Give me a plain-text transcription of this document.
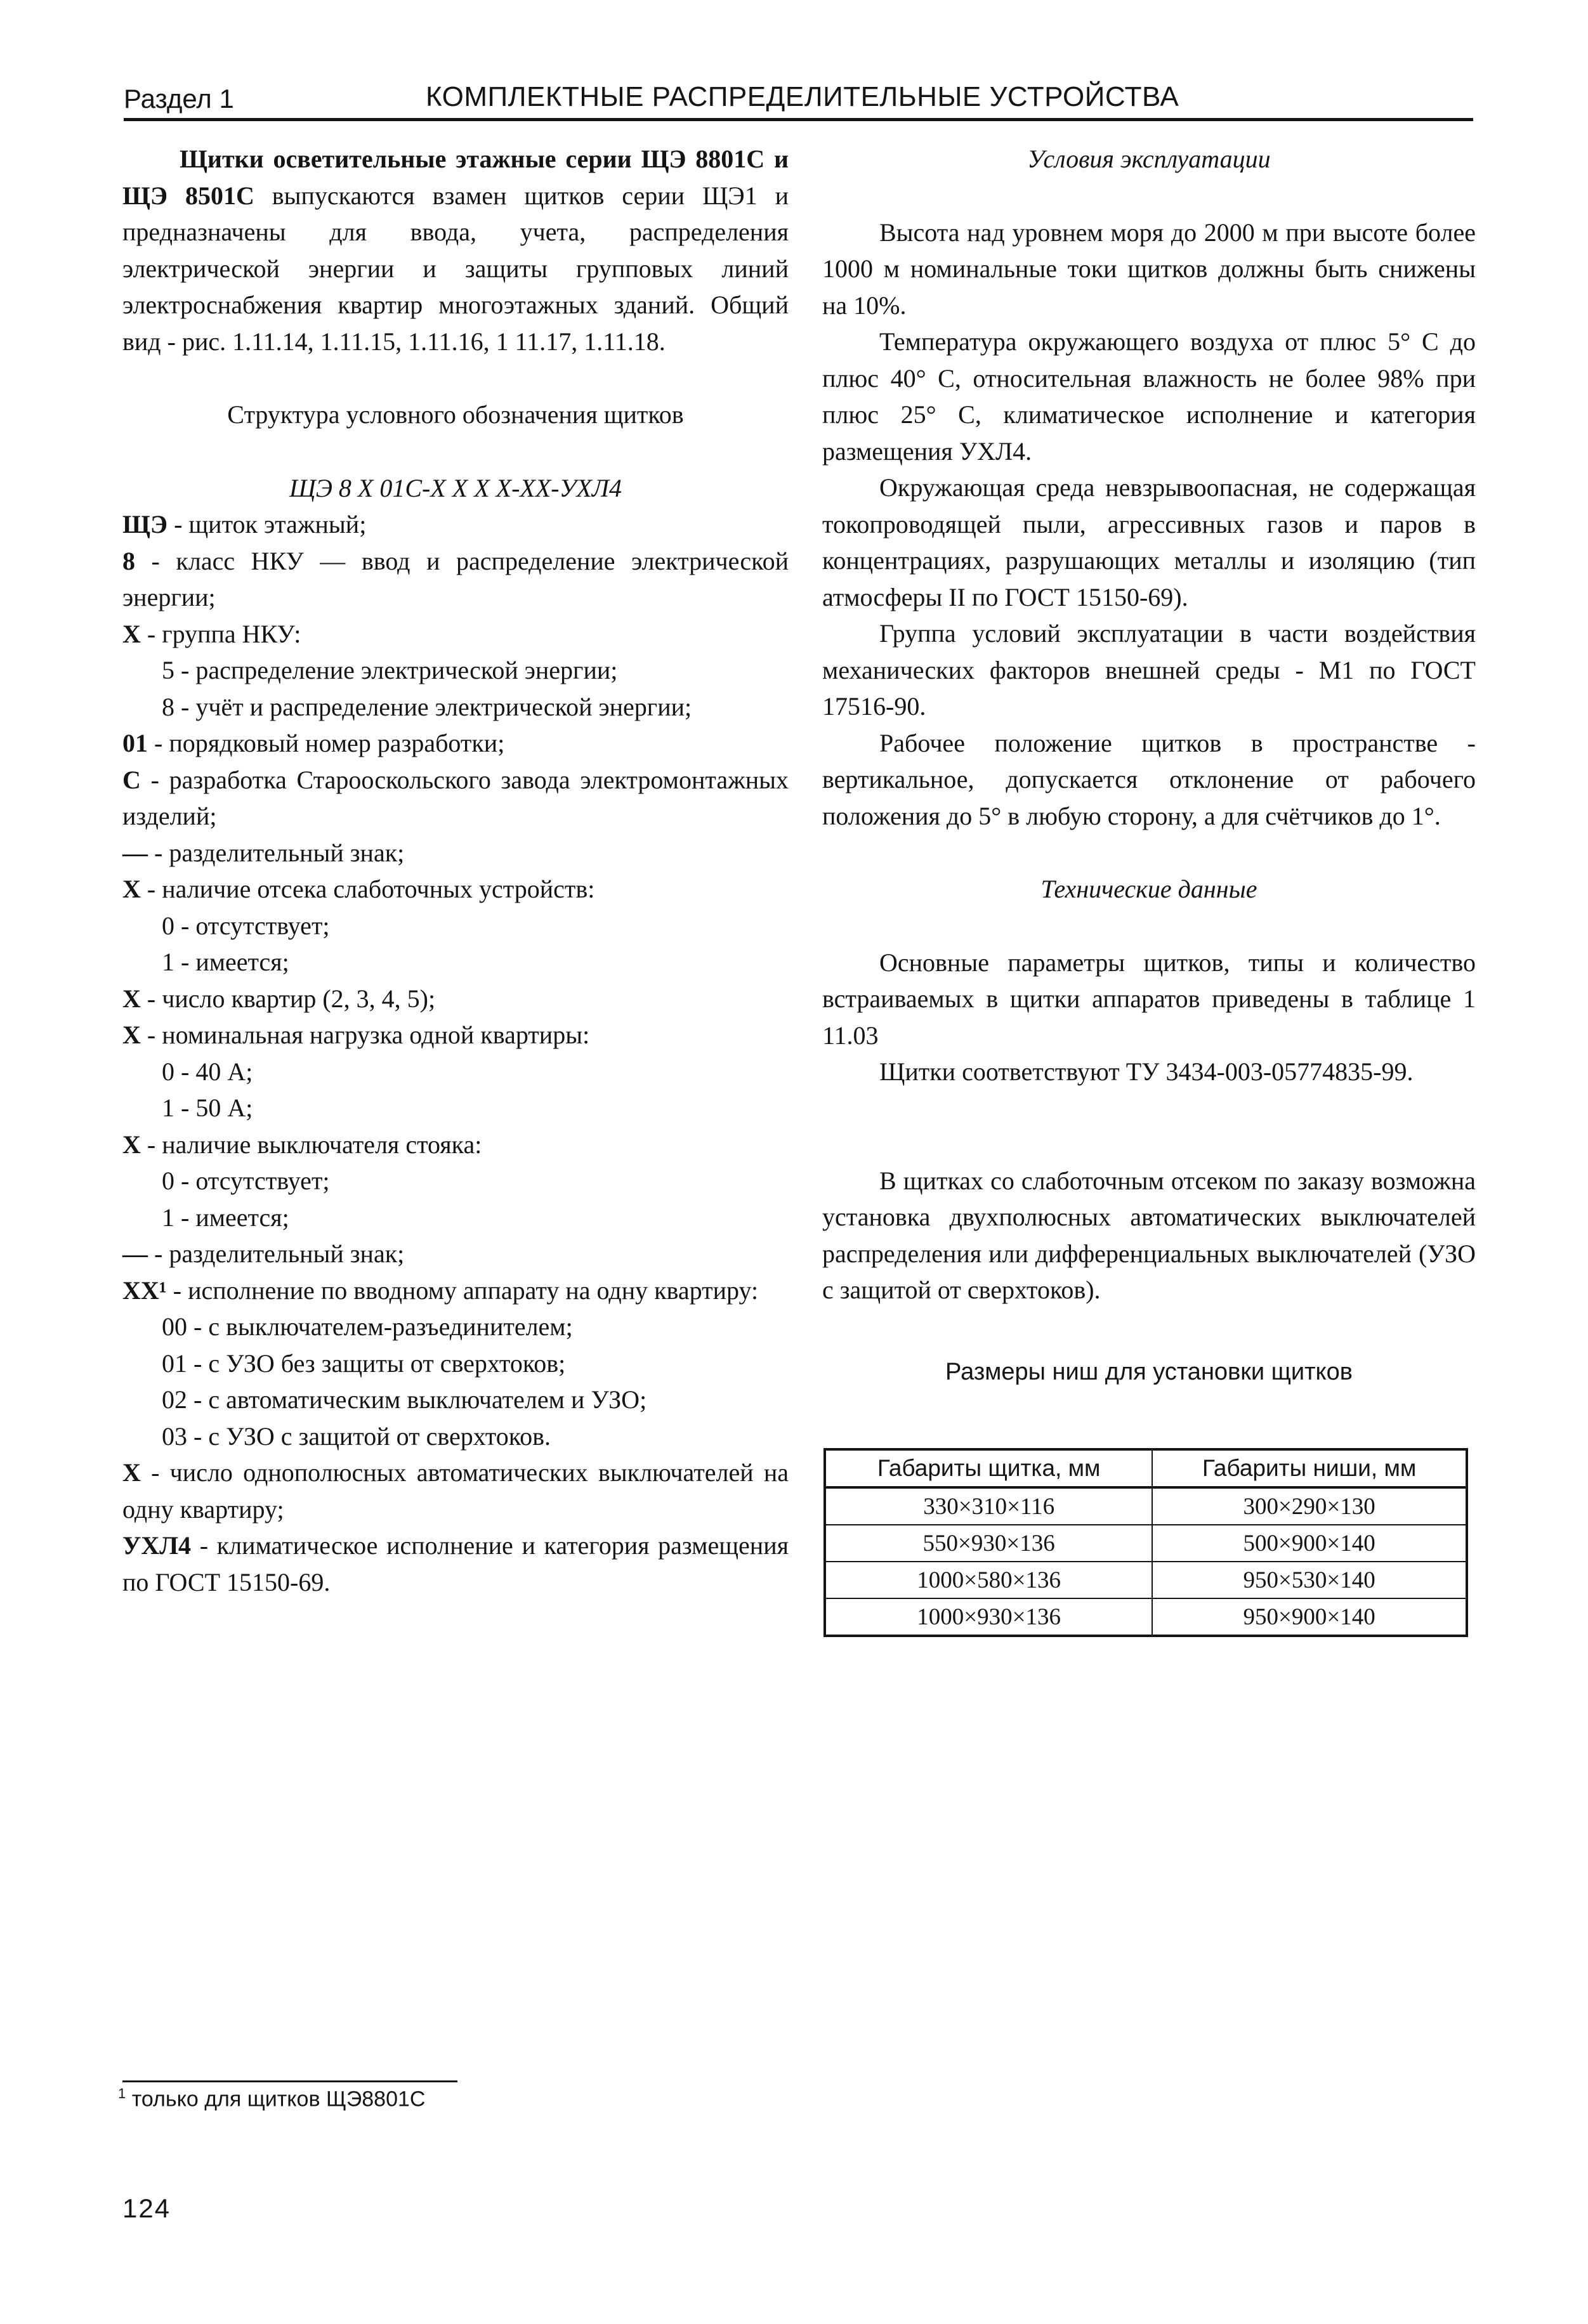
Раздел 1	КОМПЛЕКТНЫЕ РАСПРЕДЕЛИТЕЛЬНЫЕ УСТРОЙСТВА

Щитки осветительные этажные серии ЩЭ 8801С и ЩЭ 8501С выпускаются взамен щитков серии ЩЭ1 и предназначены для ввода, учета, распределения электрической энергии и защиты групповых линий электроснабжения квартир многоэтажных зданий. Общий вид - рис. 1.11.14, 1.11.15, 1.11.16, 1 11.17, 1.11.18.

Структура условного обозначения щитков

ЩЭ 8 X 01С-X X X X-XX-УХЛ4

ЩЭ - щиток этажный;

8 - класс НКУ — ввод и распределение электрической энергии;

X - группа НКУ:

5 - распределение электрической энергии;

8 - учёт и распределение электрической энергии;

01 - порядковый номер разработки;

С - разработка Старооскольского завода электромонтажных изделий;

— - разделительный знак;

X - наличие отсека слаботочных устройств:

0 - отсутствует;

1 - имеется;

X - число квартир (2, 3, 4, 5);

X - номинальная нагрузка одной квартиры:

0 - 40 А;

1 - 50 А;

X - наличие выключателя стояка:

0 - отсутствует;

1 - имеется;

— - разделительный знак;

XX¹ - исполнение по вводному аппарату на одну квартиру:

00 - с выключателем-разъединителем;

01 - с УЗО без защиты от сверхтоков;

02 - с автоматическим выключателем и УЗО;

03 - с УЗО с защитой от сверхтоков.

X - число однополюсных автоматических выключателей на одну квартиру;

УХЛ4 - климатическое исполнение и категория размещения по ГОСТ 15150-69.

Условия эксплуатации

Высота над уровнем моря до 2000 м при высоте более 1000 м номинальные токи щитков должны быть снижены на 10%.

Температура окружающего воздуха от плюс 5° С до плюс 40° С, относительная влажность не более 98% при плюс 25° С, климатическое исполнение и категория размещения УХЛ4.

Окружающая среда невзрывоопасная, не содержащая токопроводящей пыли, агрессивных газов и паров в концентрациях, разрушающих металлы и изоляцию (тип атмосферы II по ГОСТ 15150-69).

Группа условий эксплуатации в части воздействия механических факторов внешней среды - М1 по ГОСТ 17516-90.

Рабочее положение щитков в пространстве - вертикальное, допускается отклонение от рабочего положения до 5° в любую сторону, а для счётчиков до 1°.

Технические данные

Основные параметры щитков, типы и количество встраиваемых в щитки аппаратов приведены в таблице 1 11.03

Щитки соответствуют ТУ 3434-003-05774835-99.

В щитках со слаботочным отсеком по заказу возможна установка двухполюсных автоматических выключателей распределения или дифференциальных выключателей (УЗО с защитой от сверхтоков).

Размеры ниш для установки щитков

Габариты щитка, мм	Габариты ниши, мм
330×310×116	300×290×130
550×930×136	500×900×140
1000×580×136	950×530×140
1000×930×136	950×900×140
$^1$ только для щитков ЩЭ8801С
124
